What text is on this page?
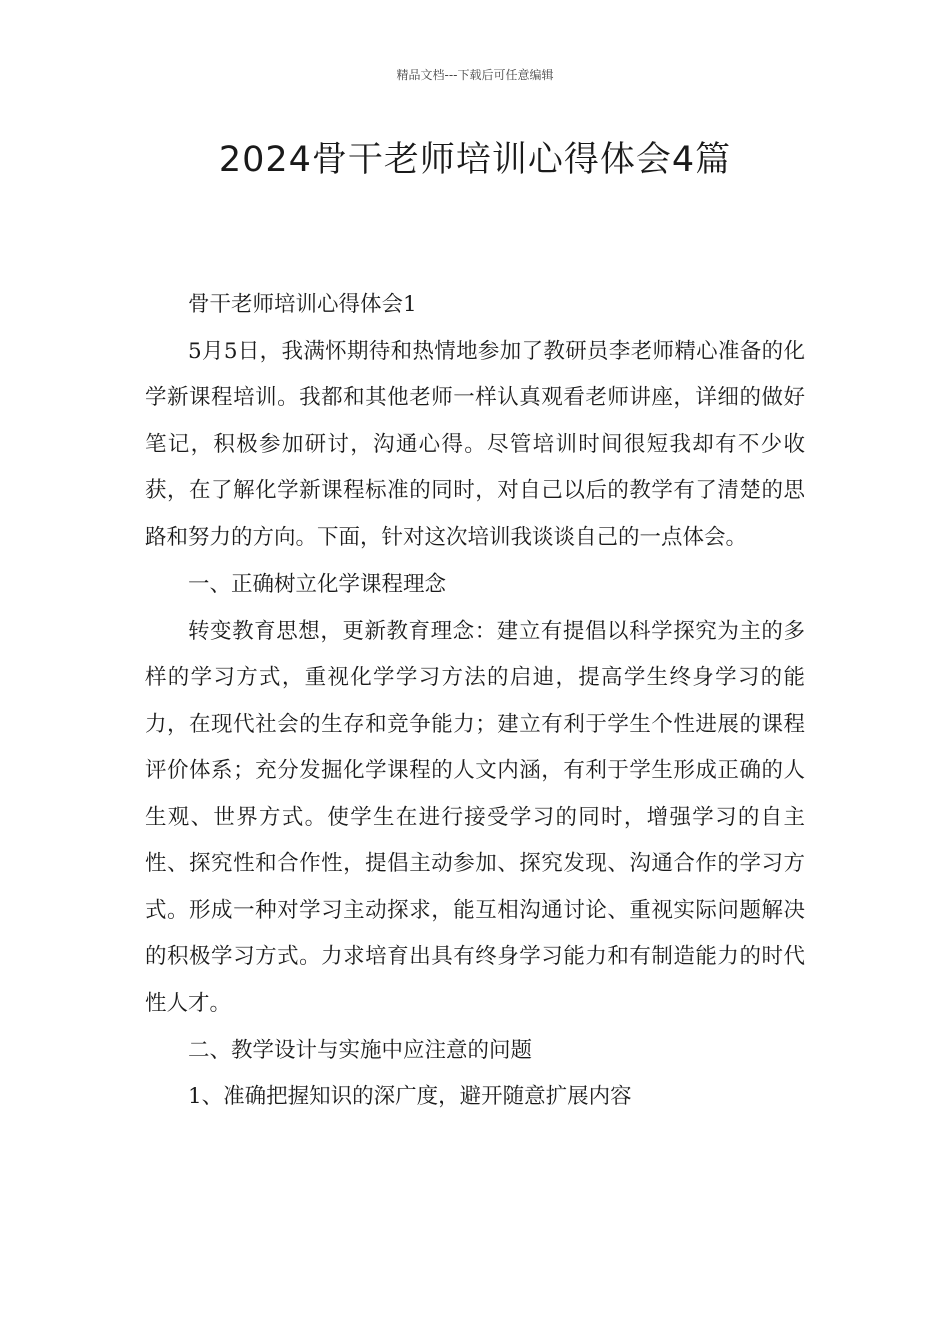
精品文档---下载后可任意编辑
2024骨干老师培训心得体会4篇

骨干老师培训心得体会1

5月5日，我满怀期待和热情地参加了教研员李老师精心准备的化学新课程培训。我都和其他老师一样认真观看老师讲座，详细的做好笔记，积极参加研讨，沟通心得。尽管培训时间很短我却有不少收获，在了解化学新课程标准的同时，对自己以后的教学有了清楚的思路和努力的方向。下面，针对这次培训我谈谈自己的一点体会。

一、正确树立化学课程理念

转变教育思想，更新教育理念：建立有提倡以科学探究为主的多样的学习方式，重视化学学习方法的启迪，提高学生终身学习的能力，在现代社会的生存和竞争能力；建立有利于学生个性进展的课程评价体系；充分发掘化学课程的人文内涵，有利于学生形成正确的人生观、世界方式。使学生在进行接受学习的同时，增强学习的自主性、探究性和合作性，提倡主动参加、探究发现、沟通合作的学习方式。形成一种对学习主动探求，能互相沟通讨论、重视实际问题解决的积极学习方式。力求培育出具有终身学习能力和有制造能力的时代性人才。

二、教学设计与实施中应注意的问题

1、准确把握知识的深广度，避开随意扩展内容
